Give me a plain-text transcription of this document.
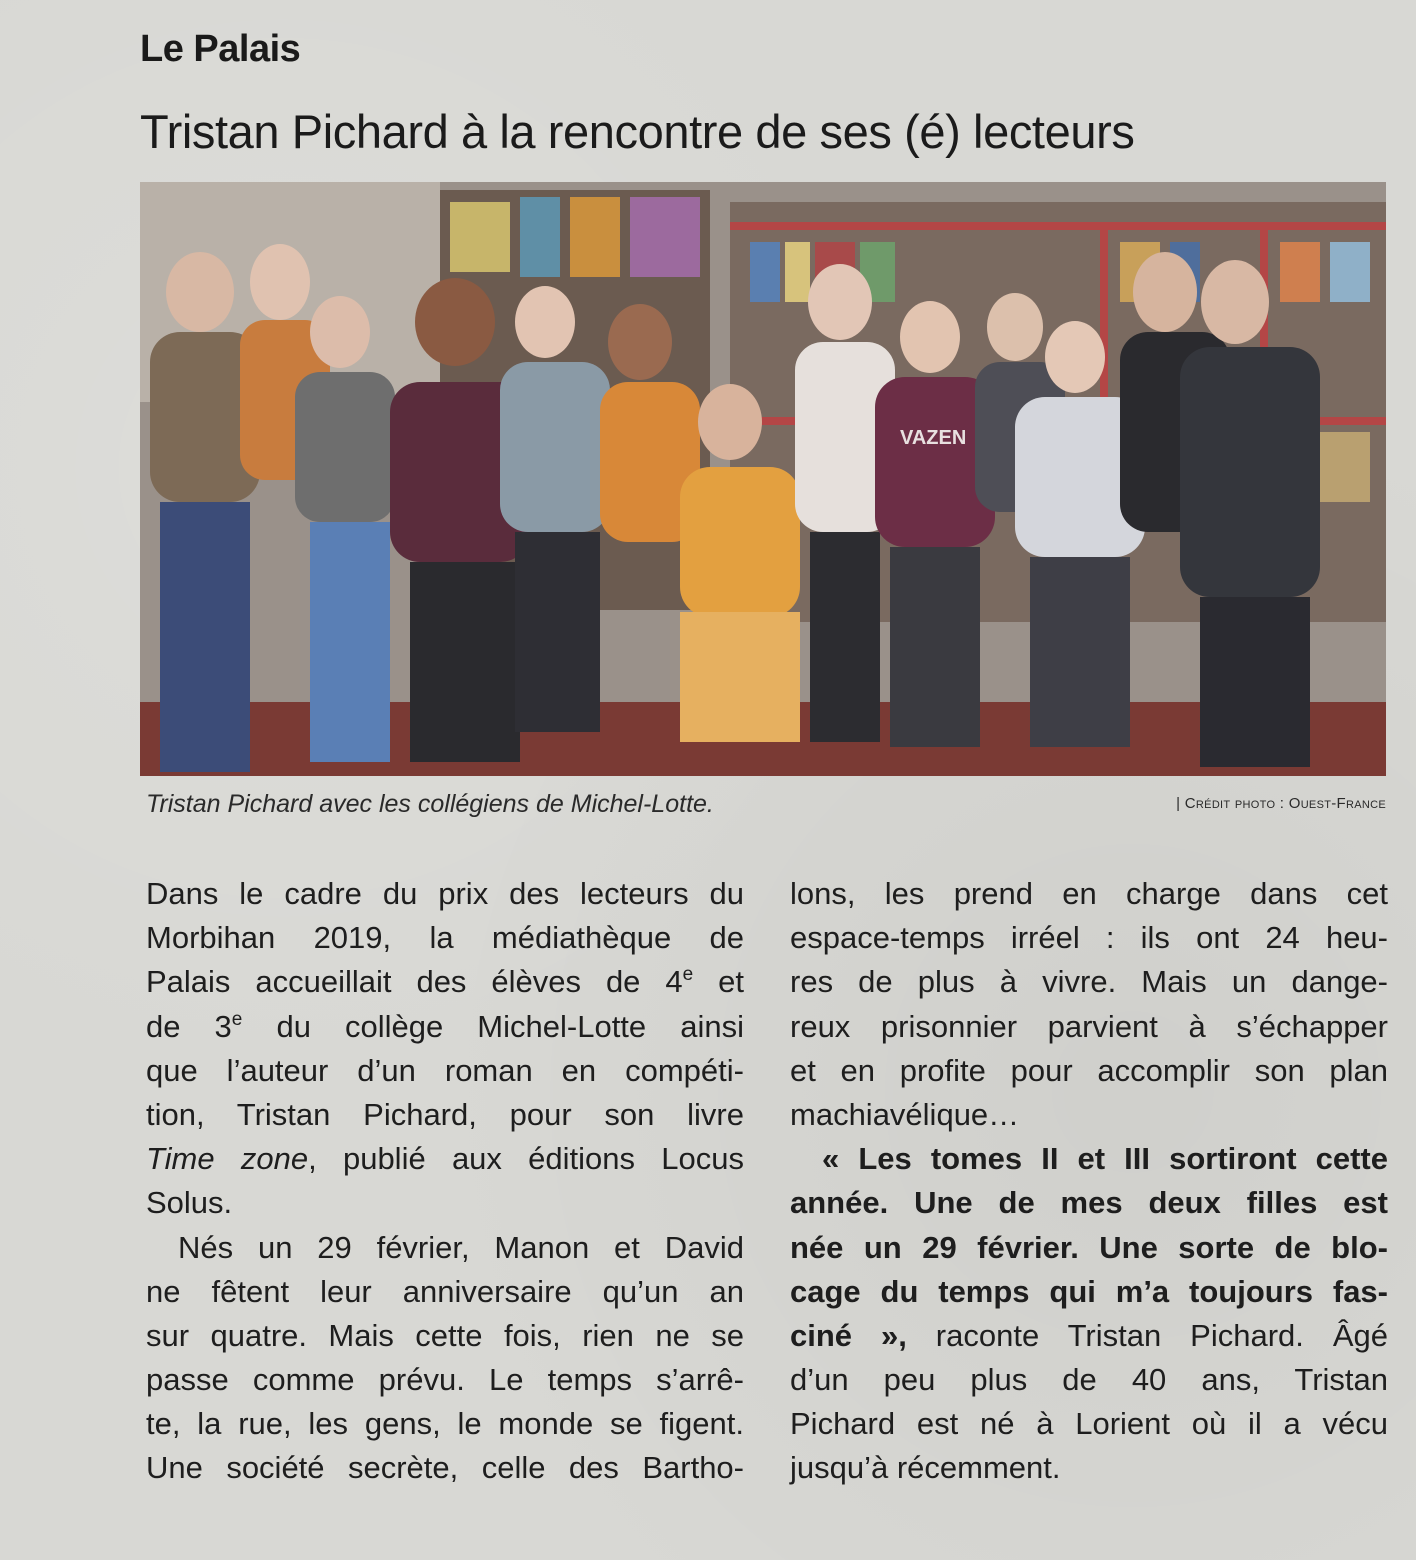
Le Palais
Tristan Pichard à la rencontre de ses (é) lecteurs
VAZEN
Tristan Pichard avec les collégiens de Michel-Lotte.	| Crédit photo : Ouest-France
Dans le cadre du prix des lecteurs du
Morbihan 2019, la médiathèque de
Palais accueillait des élèves de 4e et
de 3e du collège Michel-Lotte ainsi
que l’auteur d’un roman en compéti-
tion, Tristan Pichard, pour son livre
Time zone, publié aux éditions Locus
Solus.
Nés un 29 février, Manon et David
ne fêtent leur anniversaire qu’un an
sur quatre. Mais cette fois, rien ne se
passe comme prévu. Le temps s’arrê-
te, la rue, les gens, le monde se figent.
Une société secrète, celle des Bartho-
lons, les prend en charge dans cet
espace-temps irréel : ils ont 24 heu-
res de plus à vivre. Mais un dange-
reux prisonnier parvient à s’échapper
et en profite pour accomplir son plan
machiavélique…
« Les tomes II et III sortiront cette
année. Une de mes deux filles est
née un 29 février. Une sorte de blo-
cage du temps qui m’a toujours fas-
ciné », raconte Tristan Pichard. Âgé
d’un peu plus de 40 ans, Tristan
Pichard est né à Lorient où il a vécu
jusqu’à récemment.
